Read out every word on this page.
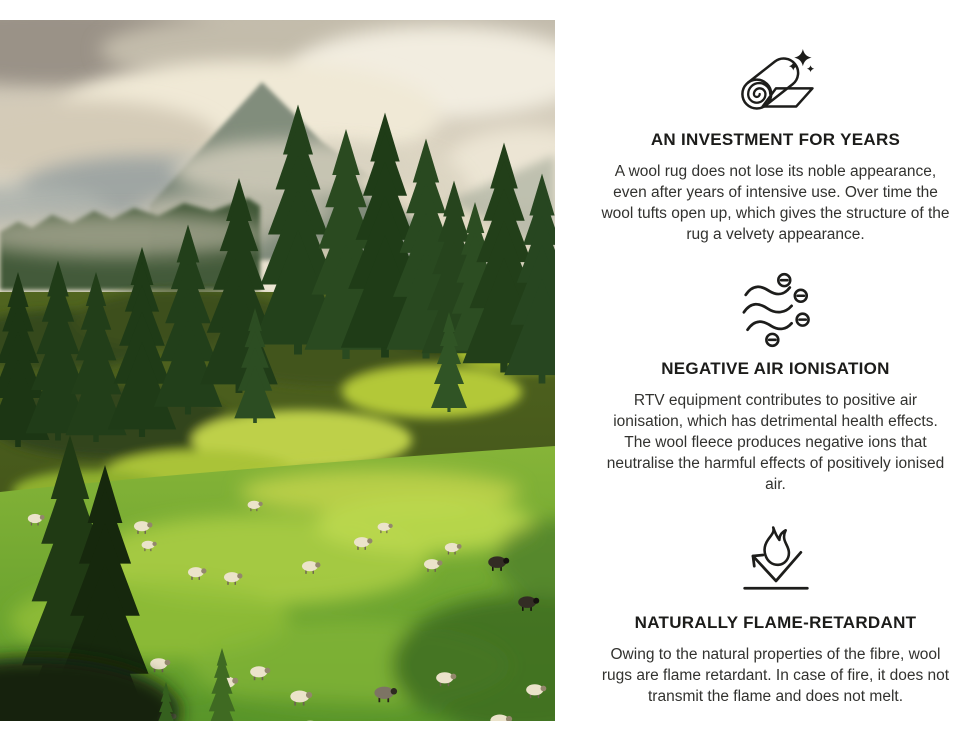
AN INVESTMENT FOR YEARS

A wool rug does not lose its noble appearance, even after years of intensive use. Over time the wool tufts open up, which gives the structure of the rug a velvety appearance.

NEGATIVE AIR IONISATION

RTV equipment contributes to positive air ionisation, which has detrimental health effects. The wool fleece produces negative ions that neutralise the harmful effects of positively ionised air.

NATURALLY FLAME-RETARDANT

Owing to the natural properties of the fibre, wool rugs are flame retardant. In case of fire, it does not transmit the flame and does not melt.
